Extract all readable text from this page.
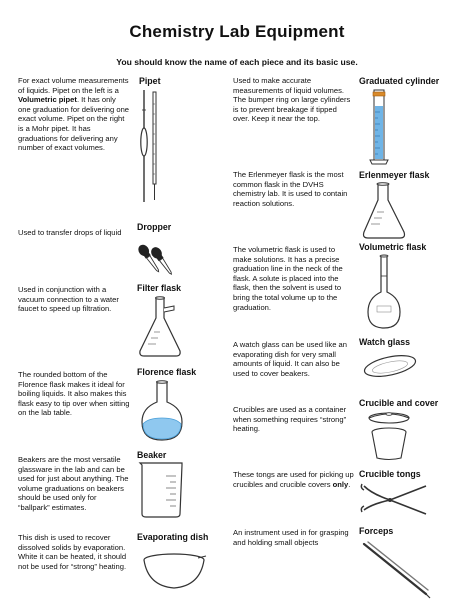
Chemistry Lab Equipment
You should know the name of each piece and its basic use.
For exact volume measurements of liquids. Pipet on the left is a Volumetric pipet. It has only one graduation for delivering one exact volume. Pipet on the right is a Mohr pipet. It has graduations for delivering any number of exact volumes.
Pipet
Used to transfer drops of liquid
Dropper
Used in conjunction with a vacuum connection to a water faucet to speed up filtration.
Filter flask
The rounded bottom of the Florence flask makes it ideal for boiling liquids. It also makes this flask easy to tip over when sitting on the lab table.
Florence flask
Beakers are the most versatile glassware in the lab and can be used for just about anything. The volume graduations on beakers should be used only for “ballpark” estimates.
Beaker
This dish is used to recover dissolved solids by evaporation. White it can be heated, it should not be used for “strong” heating.
Evaporating dish
Used to make accurate measurements of liquid volumes. The bumper ring on large cylinders is to prevent breakage if tipped over. Keep it near the top.
Graduated cylinder
The Erlenmeyer flask is the most common flask in the DVHS chemistry lab. It is used to contain reaction solutions.
Erlenmeyer flask
The volumetric flask is used to make solutions. It has a precise graduation line in the neck of the flask. A solute is placed into the flask, then the solvent is used to bring the total volume up to the graduation.
Volumetric flask
A watch glass can be used like an evaporating dish for very small amounts of liquid. It can also be used to cover beakers.
Watch glass
Crucibles are used as a container when something requires “strong” heating.
Crucible and cover
These tongs are used for picking up crucibles and crucible covers only.
Crucible tongs
An instrument used in for grasping and holding small objects
Forceps
